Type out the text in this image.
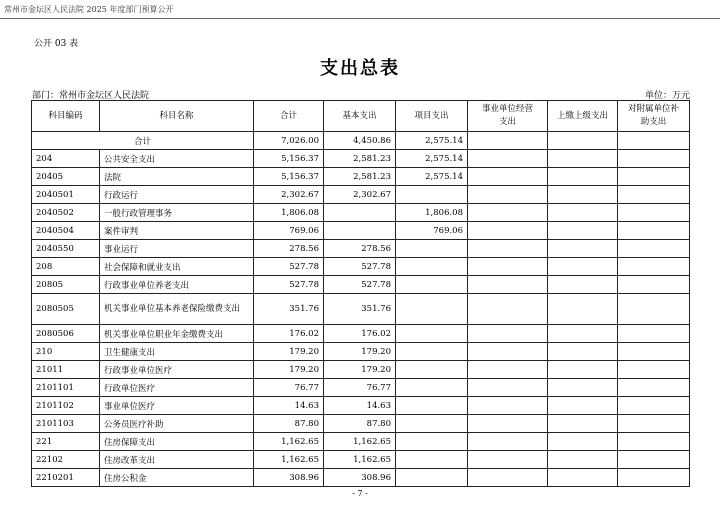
常州市金坛区人民法院 2025 年度部门预算公开
公开 03 表
支出总表
部门：常州市金坛区人民法院	单位：万元
科目编码	科目名称	合计	基本支出	项目支出	事业单位经营支出	上缴上级支出	对附属单位补助支出
合计		7,026.00	4,450.86	2,575.14			
204	公共安全支出	5,156.37	2,581.23	2,575.14			
20405	法院	5,156.37	2,581.23	2,575.14			
2040501	行政运行	2,302.67	2,302.67				
2040502	一般行政管理事务	1,806.08		1,806.08			
2040504	案件审判	769.06		769.06			
2040550	事业运行	278.56	278.56				
208	社会保障和就业支出	527.78	527.78				
20805	行政事业单位养老支出	527.78	527.78				
2080505	机关事业单位基本养老保险缴费支出	351.76	351.76				
2080506	机关事业单位职业年金缴费支出	176.02	176.02				
210	卫生健康支出	179.20	179.20				
21011	行政事业单位医疗	179.20	179.20				
2101101	行政单位医疗	76.77	76.77				
2101102	事业单位医疗	14.63	14.63				
2101103	公务员医疗补助	87.80	87.80				
221	住房保障支出	1,162.65	1,162.65				
22102	住房改革支出	1,162.65	1,162.65				
2210201	住房公积金	308.96	308.96				
- 7 -
